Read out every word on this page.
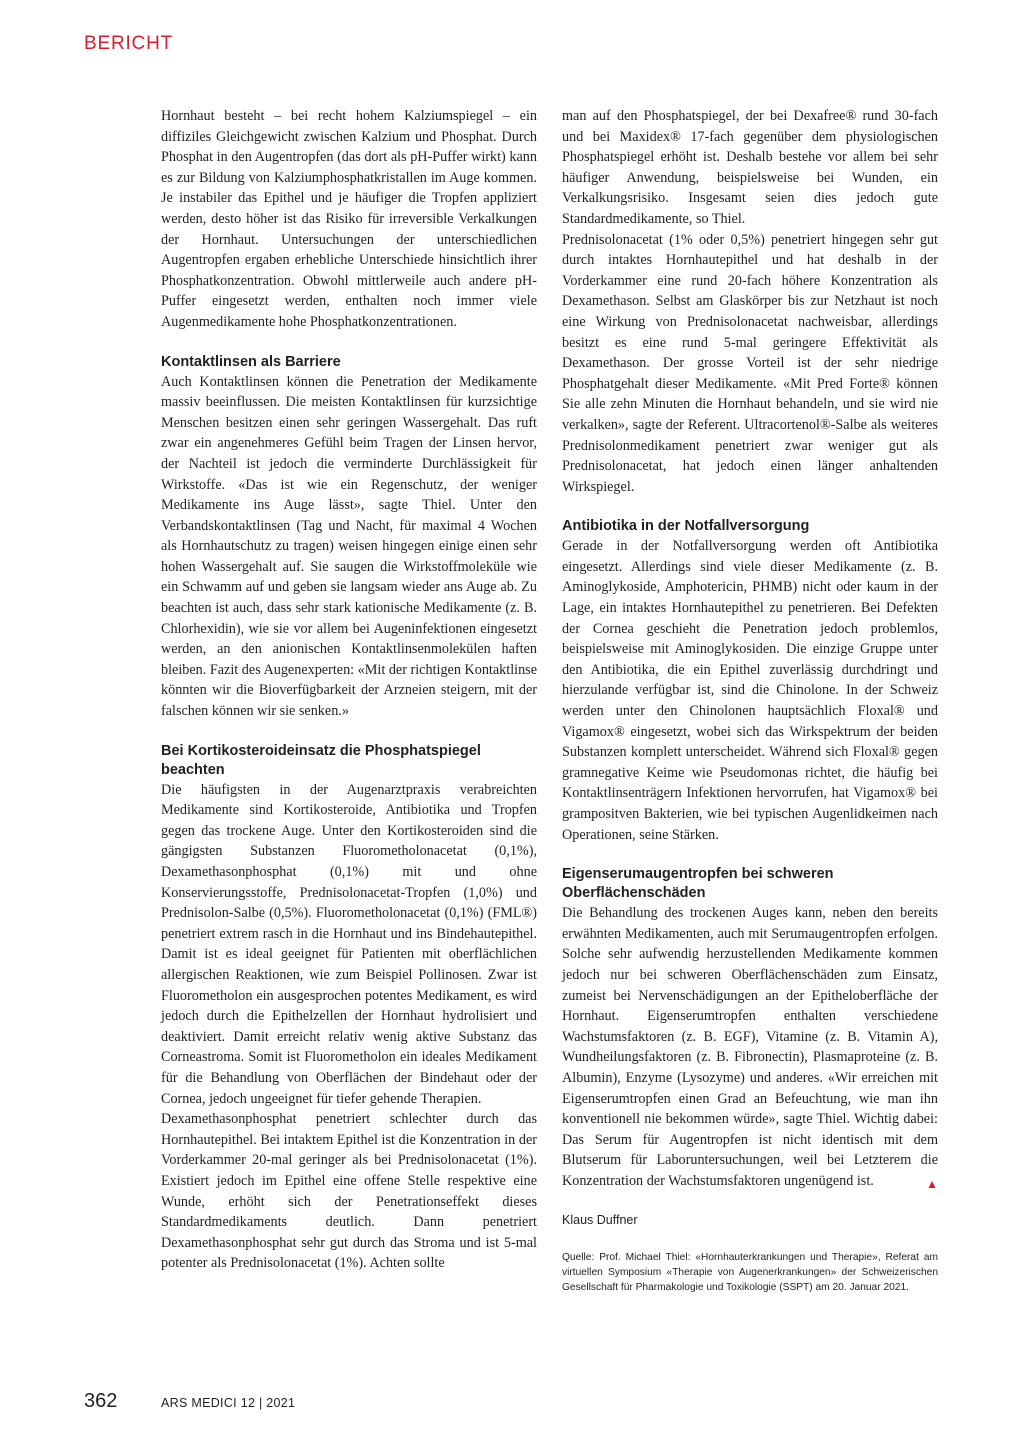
BERICHT

Hornhaut besteht – bei recht hohem Kalziumspiegel – ein diffiziles Gleichgewicht zwischen Kalzium und Phosphat. Durch Phosphat in den Augentropfen (das dort als pH-Puffer wirkt) kann es zur Bildung von Kalziumphosphatkristallen im Auge kommen. Je instabiler das Epithel und je häufiger die Tropfen appliziert werden, desto höher ist das Risiko für irreversible Verkalkungen der Hornhaut. Untersuchungen der unterschiedlichen Augentropfen ergaben erhebliche Unterschiede hinsichtlich ihrer Phosphatkonzentration. Obwohl mittlerweile auch andere pH-Puffer eingesetzt werden, enthalten noch immer viele Augenmedikamente hohe Phosphatkonzentrationen.

Kontaktlinsen als Barriere

Auch Kontaktlinsen können die Penetration der Medikamente massiv beeinflussen. Die meisten Kontaktlinsen für kurzsichtige Menschen besitzen einen sehr geringen Wassergehalt. Das ruft zwar ein angenehmeres Gefühl beim Tragen der Linsen hervor, der Nachteil ist jedoch die verminderte Durchlässigkeit für Wirkstoffe. «Das ist wie ein Regenschutz, der weniger Medikamente ins Auge lässt», sagte Thiel. Unter den Verbandskontaktlinsen (Tag und Nacht, für maximal 4 Wochen als Hornhautschutz zu tragen) weisen hingegen einige einen sehr hohen Wassergehalt auf. Sie saugen die Wirkstoffmoleküle wie ein Schwamm auf und geben sie langsam wieder ans Auge ab. Zu beachten ist auch, dass sehr stark kationische Medikamente (z. B. Chlorhexidin), wie sie vor allem bei Augeninfektionen eingesetzt werden, an den anionischen Kontaktlinsenmolekülen haften bleiben. Fazit des Augenexperten: «Mit der richtigen Kontaktlinse könnten wir die Bioverfügbarkeit der Arzneien steigern, mit der falschen können wir sie senken.»

Bei Kortikosteroideinsatz die Phosphatspiegel beachten

Die häufigsten in der Augenarztpraxis verabreichten Medikamente sind Kortikosteroide, Antibiotika und Tropfen gegen das trockene Auge. Unter den Kortikosteroiden sind die gängigsten Substanzen Fluorometholonacetat (0,1%), Dexamethasonphosphat (0,1%) mit und ohne Konservierungsstoffe, Prednisolonacetat-Tropfen (1,0%) und Prednisolon-Salbe (0,5%). Fluorometholonacetat (0,1%) (FML®) penetriert extrem rasch in die Hornhaut und ins Bindehautepithel. Damit ist es ideal geeignet für Patienten mit oberflächlichen allergischen Reaktionen, wie zum Beispiel Pollinosen. Zwar ist Fluorometholon ein ausgesprochen potentes Medikament, es wird jedoch durch die Epithelzellen der Hornhaut hydrolisiert und deaktiviert. Damit erreicht relativ wenig aktive Substanz das Corneastroma. Somit ist Fluorometholon ein ideales Medikament für die Behandlung von Oberflächen der Bindehaut oder der Cornea, jedoch ungeeignet für tiefer gehende Therapien.

Dexamethasonphosphat penetriert schlechter durch das Hornhautepithel. Bei intaktem Epithel ist die Konzentration in der Vorderkammer 20-mal geringer als bei Prednisolonacetat (1%). Existiert jedoch im Epithel eine offene Stelle respektive eine Wunde, erhöht sich der Penetrationseffekt dieses Standardmedikaments deutlich. Dann penetriert Dexamethasonphosphat sehr gut durch das Stroma und ist 5-mal potenter als Prednisolonacetat (1%). Achten sollte

man auf den Phosphatspiegel, der bei Dexafree® rund 30-fach und bei Maxidex® 17-fach gegenüber dem physiologischen Phosphatspiegel erhöht ist. Deshalb bestehe vor allem bei sehr häufiger Anwendung, beispielsweise bei Wunden, ein Verkalkungsrisiko. Insgesamt seien dies jedoch gute Standardmedikamente, so Thiel.

Prednisolonacetat (1% oder 0,5%) penetriert hingegen sehr gut durch intaktes Hornhautepithel und hat deshalb in der Vorderkammer eine rund 20-fach höhere Konzentration als Dexamethason. Selbst am Glaskörper bis zur Netzhaut ist noch eine Wirkung von Prednisolonacetat nachweisbar, allerdings besitzt es eine rund 5-mal geringere Effektivität als Dexamethason. Der grosse Vorteil ist der sehr niedrige Phosphatgehalt dieser Medikamente. «Mit Pred Forte® können Sie alle zehn Minuten die Hornhaut behandeln, und sie wird nie verkalken», sagte der Referent. Ultracortenol®-Salbe als weiteres Prednisolonmedikament penetriert zwar weniger gut als Prednisolonacetat, hat jedoch einen länger anhaltenden Wirkspiegel.

Antibiotika in der Notfallversorgung

Gerade in der Notfallversorgung werden oft Antibiotika eingesetzt. Allerdings sind viele dieser Medikamente (z. B. Aminoglykoside, Amphotericin, PHMB) nicht oder kaum in der Lage, ein intaktes Hornhautepithel zu penetrieren. Bei Defekten der Cornea geschieht die Penetration jedoch problemlos, beispielsweise mit Aminoglykosiden. Die einzige Gruppe unter den Antibiotika, die ein Epithel zuverlässig durchdringt und hierzulande verfügbar ist, sind die Chinolone. In der Schweiz werden unter den Chinolonen hauptsächlich Floxal® und Vigamox® eingesetzt, wobei sich das Wirkspektrum der beiden Substanzen komplett unterscheidet. Während sich Floxal® gegen gramnegative Keime wie Pseudomonas richtet, die häufig bei Kontaktlinsenträgern Infektionen hervorrufen, hat Vigamox® bei grampositven Bakterien, wie bei typischen Augenlidkeimen nach Operationen, seine Stärken.

Eigenserumaugentropfen bei schweren Oberflächenschäden

Die Behandlung des trockenen Auges kann, neben den bereits erwähnten Medikamenten, auch mit Serumaugentropfen erfolgen. Solche sehr aufwendig herzustellenden Medikamente kommen jedoch nur bei schweren Oberflächenschäden zum Einsatz, zumeist bei Nervenschädigungen an der Epitheloberfläche der Hornhaut. Eigenserumtropfen enthalten verschiedene Wachstumsfaktoren (z. B. EGF), Vitamine (z. B. Vitamin A), Wundheilungsfaktoren (z. B. Fibronectin), Plasmaproteine (z. B. Albumin), Enzyme (Lysozyme) und anderes. «Wir erreichen mit Eigenserumtropfen einen Grad an Befeuchtung, wie man ihn konventionell nie bekommen würde», sagte Thiel. Wichtig dabei: Das Serum für Augentropfen ist nicht identisch mit dem Blutserum für Laboruntersuchungen, weil bei Letzterem die Konzentration der Wachstumsfaktoren ungenügend ist.	▲

Klaus Duffner
Quelle: Prof. Michael Thiel: «Hornhauterkrankungen und Therapie», Referat am virtuellen Symposium «Therapie von Augenerkrankungen» der Schweizerischen Gesellschaft für Pharmakologie und Toxikologie (SSPT) am 20. Januar 2021.
362	ARS MEDICI 12 | 2021
